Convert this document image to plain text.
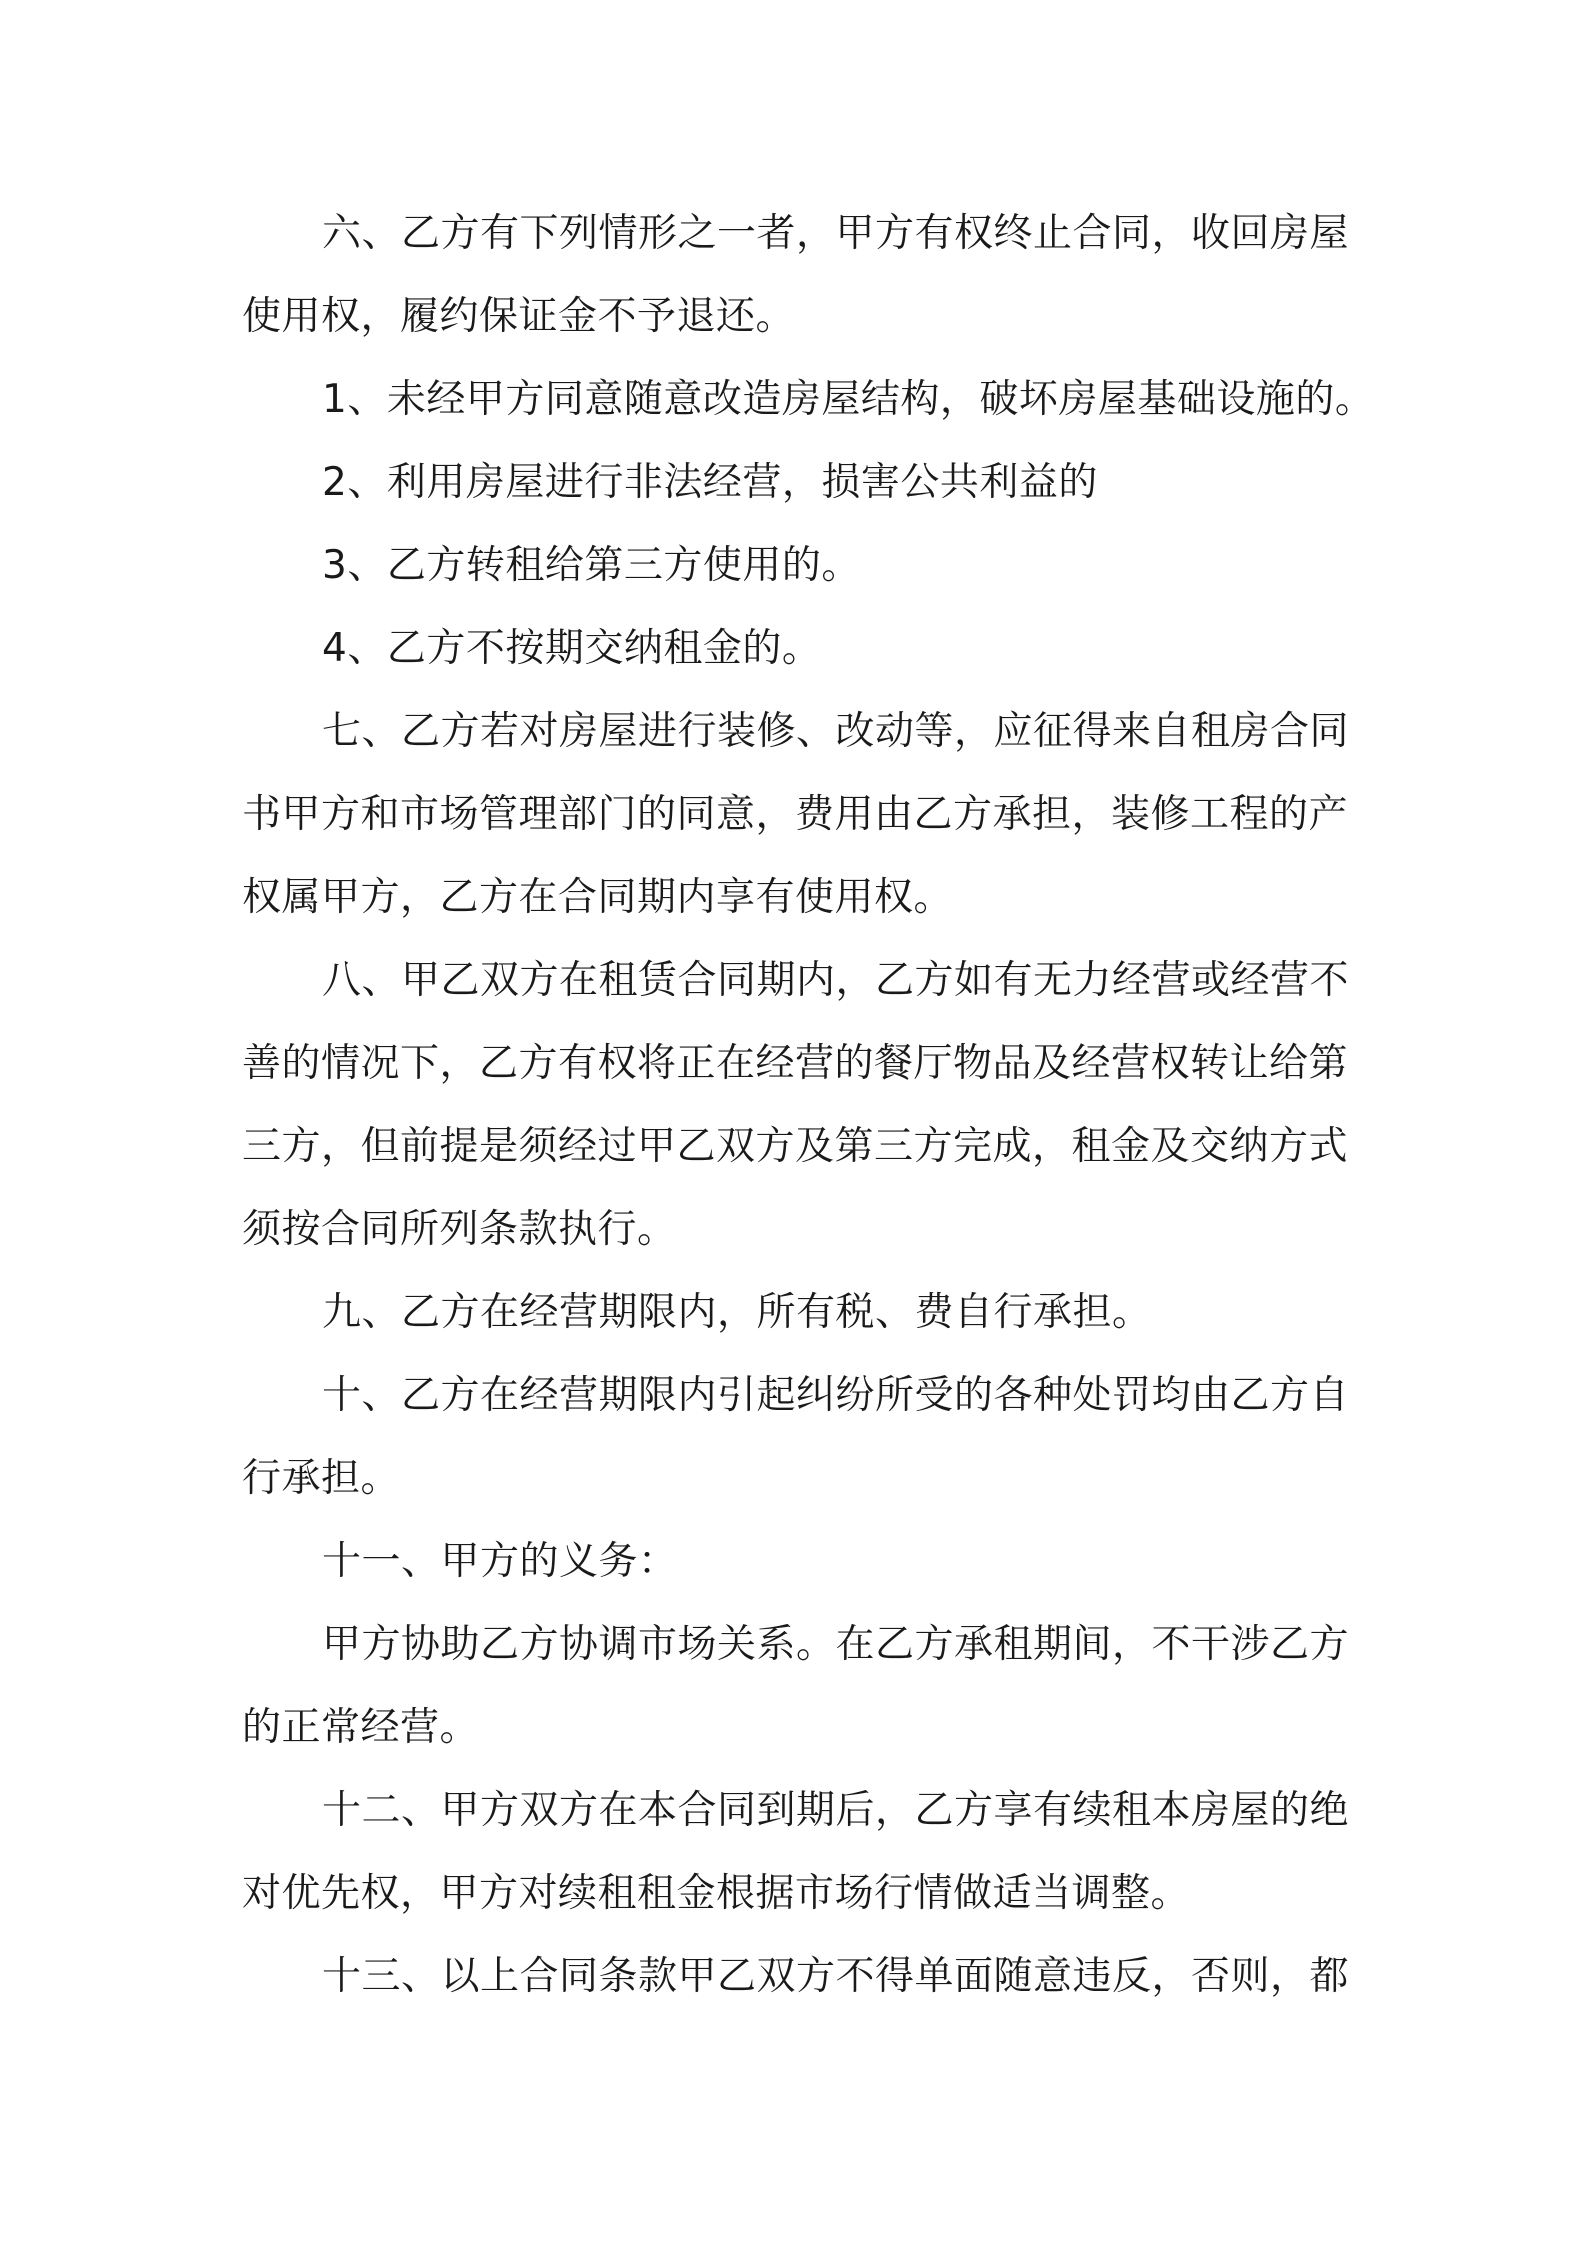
六、乙方有下列情形之一者，甲方有权终止合同，收回房屋使用权，履约保证金不予退还。

1、未经甲方同意随意改造房屋结构，破坏房屋基础设施的。

2、利用房屋进行非法经营，损害公共利益的

3、乙方转租给第三方使用的。

4、乙方不按期交纳租金的。

七、乙方若对房屋进行装修、改动等，应征得来自租房合同书甲方和市场管理部门的同意，费用由乙方承担，装修工程的产权属甲方，乙方在合同期内享有使用权。

八、甲乙双方在租赁合同期内，乙方如有无力经营或经营不善的情况下，乙方有权将正在经营的餐厅物品及经营权转让给第三方，但前提是须经过甲乙双方及第三方完成，租金及交纳方式须按合同所列条款执行。

九、乙方在经营期限内，所有税、费自行承担。

十、乙方在经营期限内引起纠纷所受的各种处罚均由乙方自行承担。

十一、甲方的义务：

甲方协助乙方协调市场关系。在乙方承租期间，不干涉乙方的正常经营。

十二、甲方双方在本合同到期后，乙方享有续租本房屋的绝对优先权，甲方对续租租金根据市场行情做适当调整。

十三、以上合同条款甲乙双方不得单面随意违反，否则，都
